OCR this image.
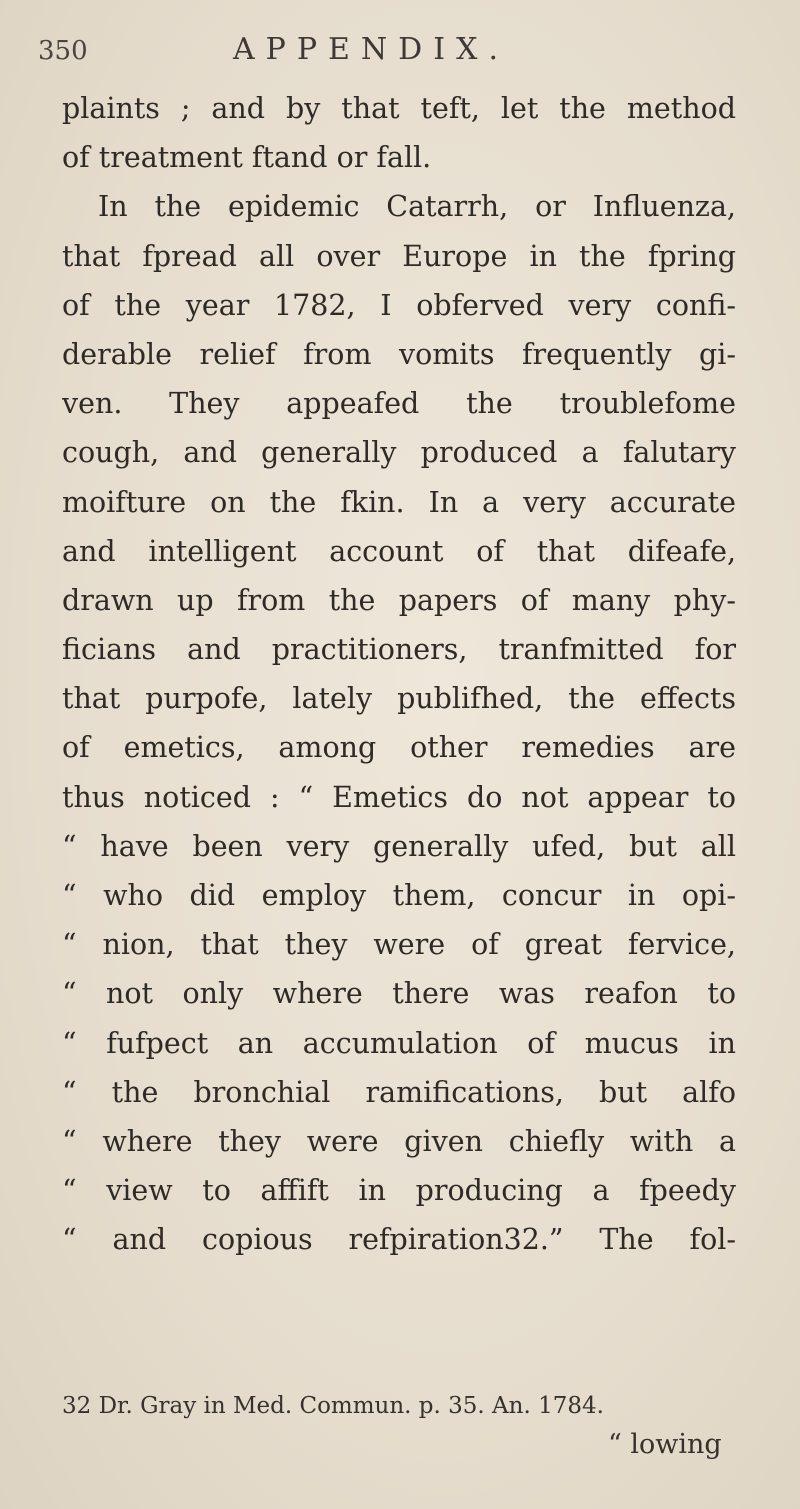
350	APPENDIX.
plaints ; and by that teft, let the method
of treatment ftand or fall.
In the epidemic Catarrh, or Influenza,
that fpread all over Europe in the fpring
of the year 1782, I obferved very confi-
derable relief from vomits frequently gi-
ven. They appeafed the troublefome
cough, and generally produced a falutary
moifture on the fkin. In a very accurate
and intelligent account of that difeafe,
drawn up from the papers of many phy-
ficians and practitioners, tranfmitted for
that purpofe, lately publifhed, the effects
of emetics, among other remedies are
thus noticed : “ Emetics do not appear to
“ have been very generally ufed, but all
“ who did employ them, concur in opi-
“ nion, that they were of great fervice,
“ not only where there was reafon to
“ fufpect an accumulation of mucus in
“ the bronchial ramifications, but alfo
“ where they were given chiefly with a
“ view to affift in producing a fpeedy
“ and copious refpiration32.” The fol-
32 Dr. Gray in Med. Commun. p. 35. An. 1784.
“ lowing
